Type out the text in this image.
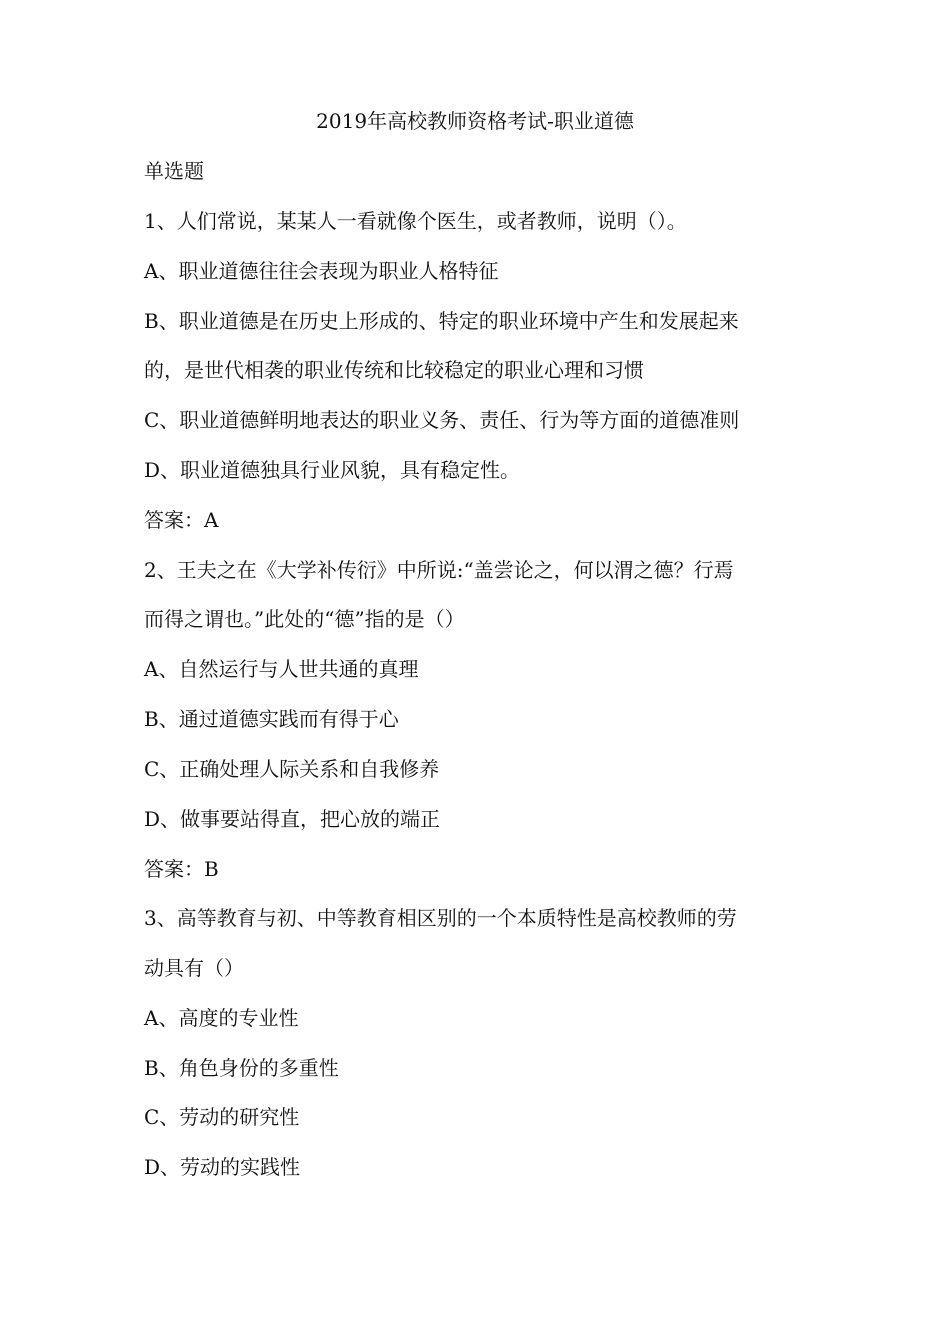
2019年高校教师资格考试-职业道德
单选题
1、人们常说，某某人一看就像个医生，或者教师，说明（）。
A、职业道德往往会表现为职业人格特征
B、职业道德是在历史上形成的、特定的职业环境中产生和发展起来
的，是世代相袭的职业传统和比较稳定的职业心理和习惯
C、职业道德鲜明地表达的职业义务、责任、行为等方面的道德准则
D、职业道德独具行业风貌，具有稳定性。
答案：A
2、王夫之在《大学补传衍》中所说:“盖尝论之，何以渭之德？行焉
而得之谓也。”此处的“德”指的是（）
A、自然运行与人世共通的真理
B、通过道德实践而有得于心
C、正确处理人际关系和自我修养
D、做事要站得直，把心放的端正
答案：B
3、高等教育与初、中等教育相区别的一个本质特性是高校教师的劳
动具有（）
A、高度的专业性
B、角色身份的多重性
C、劳动的研究性
D、劳动的实践性
